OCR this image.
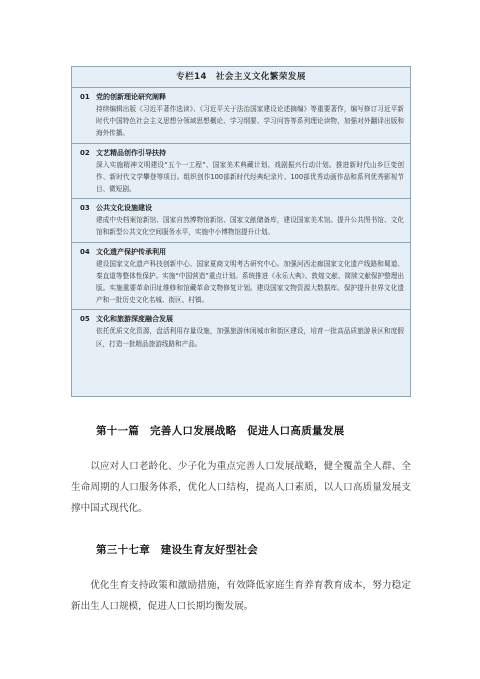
专栏14　社会主义文化繁荣发展
01 党的创新理论研究阐释
持续编辑出版《习近平著作选读》、《习近平关于法治国家建设论述摘编》等重要著作，编写修订习近平新时代中国特色社会主义思想分领域思想概论、学习纲要、学习问答等系列理论读物，加强对外翻译出版和海外传播。
02 文艺精品创作引导扶持
深入实施精神文明建设“五个一工程”、国家美术典藏计划、戏剧振兴行动计划。推进新时代山乡巨变创作、新时代文学攀登等项目。组织创作100部新时代经典纪录片、100部优秀动画作品和系列优秀影视节目、微短剧。
03 公共文化设施建设
建成中央档案馆新馆、国家自然博物馆新馆、国家文献储备库，建设国家美术馆。提升公共图书馆、文化馆和新型公共文化空间服务水平，实施中小博物馆提升计划。
04 文化遗产保护传承利用
建设国家文化遗产科技创新中心、国家夏商文明考古研究中心。加强河西走廊国家文化遗产线路和蜀道、秦直道等整体性保护。实施“中国营造”重点计划。系统推进《永乐大典》、敦煌文献、简牍文献保护整理出版。实施重要革命旧址维修和馆藏革命文物修复计划。建设国家文物资源大数据库。保护提升世界文化遗产和一批历史文化名城、街区、村镇。
05 文化和旅游深度融合发展
依托优质文化资源，盘活利用存量设施，加强旅游休闲城市和街区建设，培育一批高品质旅游景区和度假区，打造一批精品旅游线路和产品。
第十一篇　完善人口发展战略　促进人口高质量发展
以应对人口老龄化、少子化为重点完善人口发展战略，健全覆盖全人群、全生命周期的人口服务体系，优化人口结构，提高人口素质，以人口高质量发展支撑中国式现代化。
第三十七章　建设生育友好型社会
优化生育支持政策和激励措施，有效降低家庭生育养育教育成本，努力稳定新出生人口规模，促进人口长期均衡发展。
